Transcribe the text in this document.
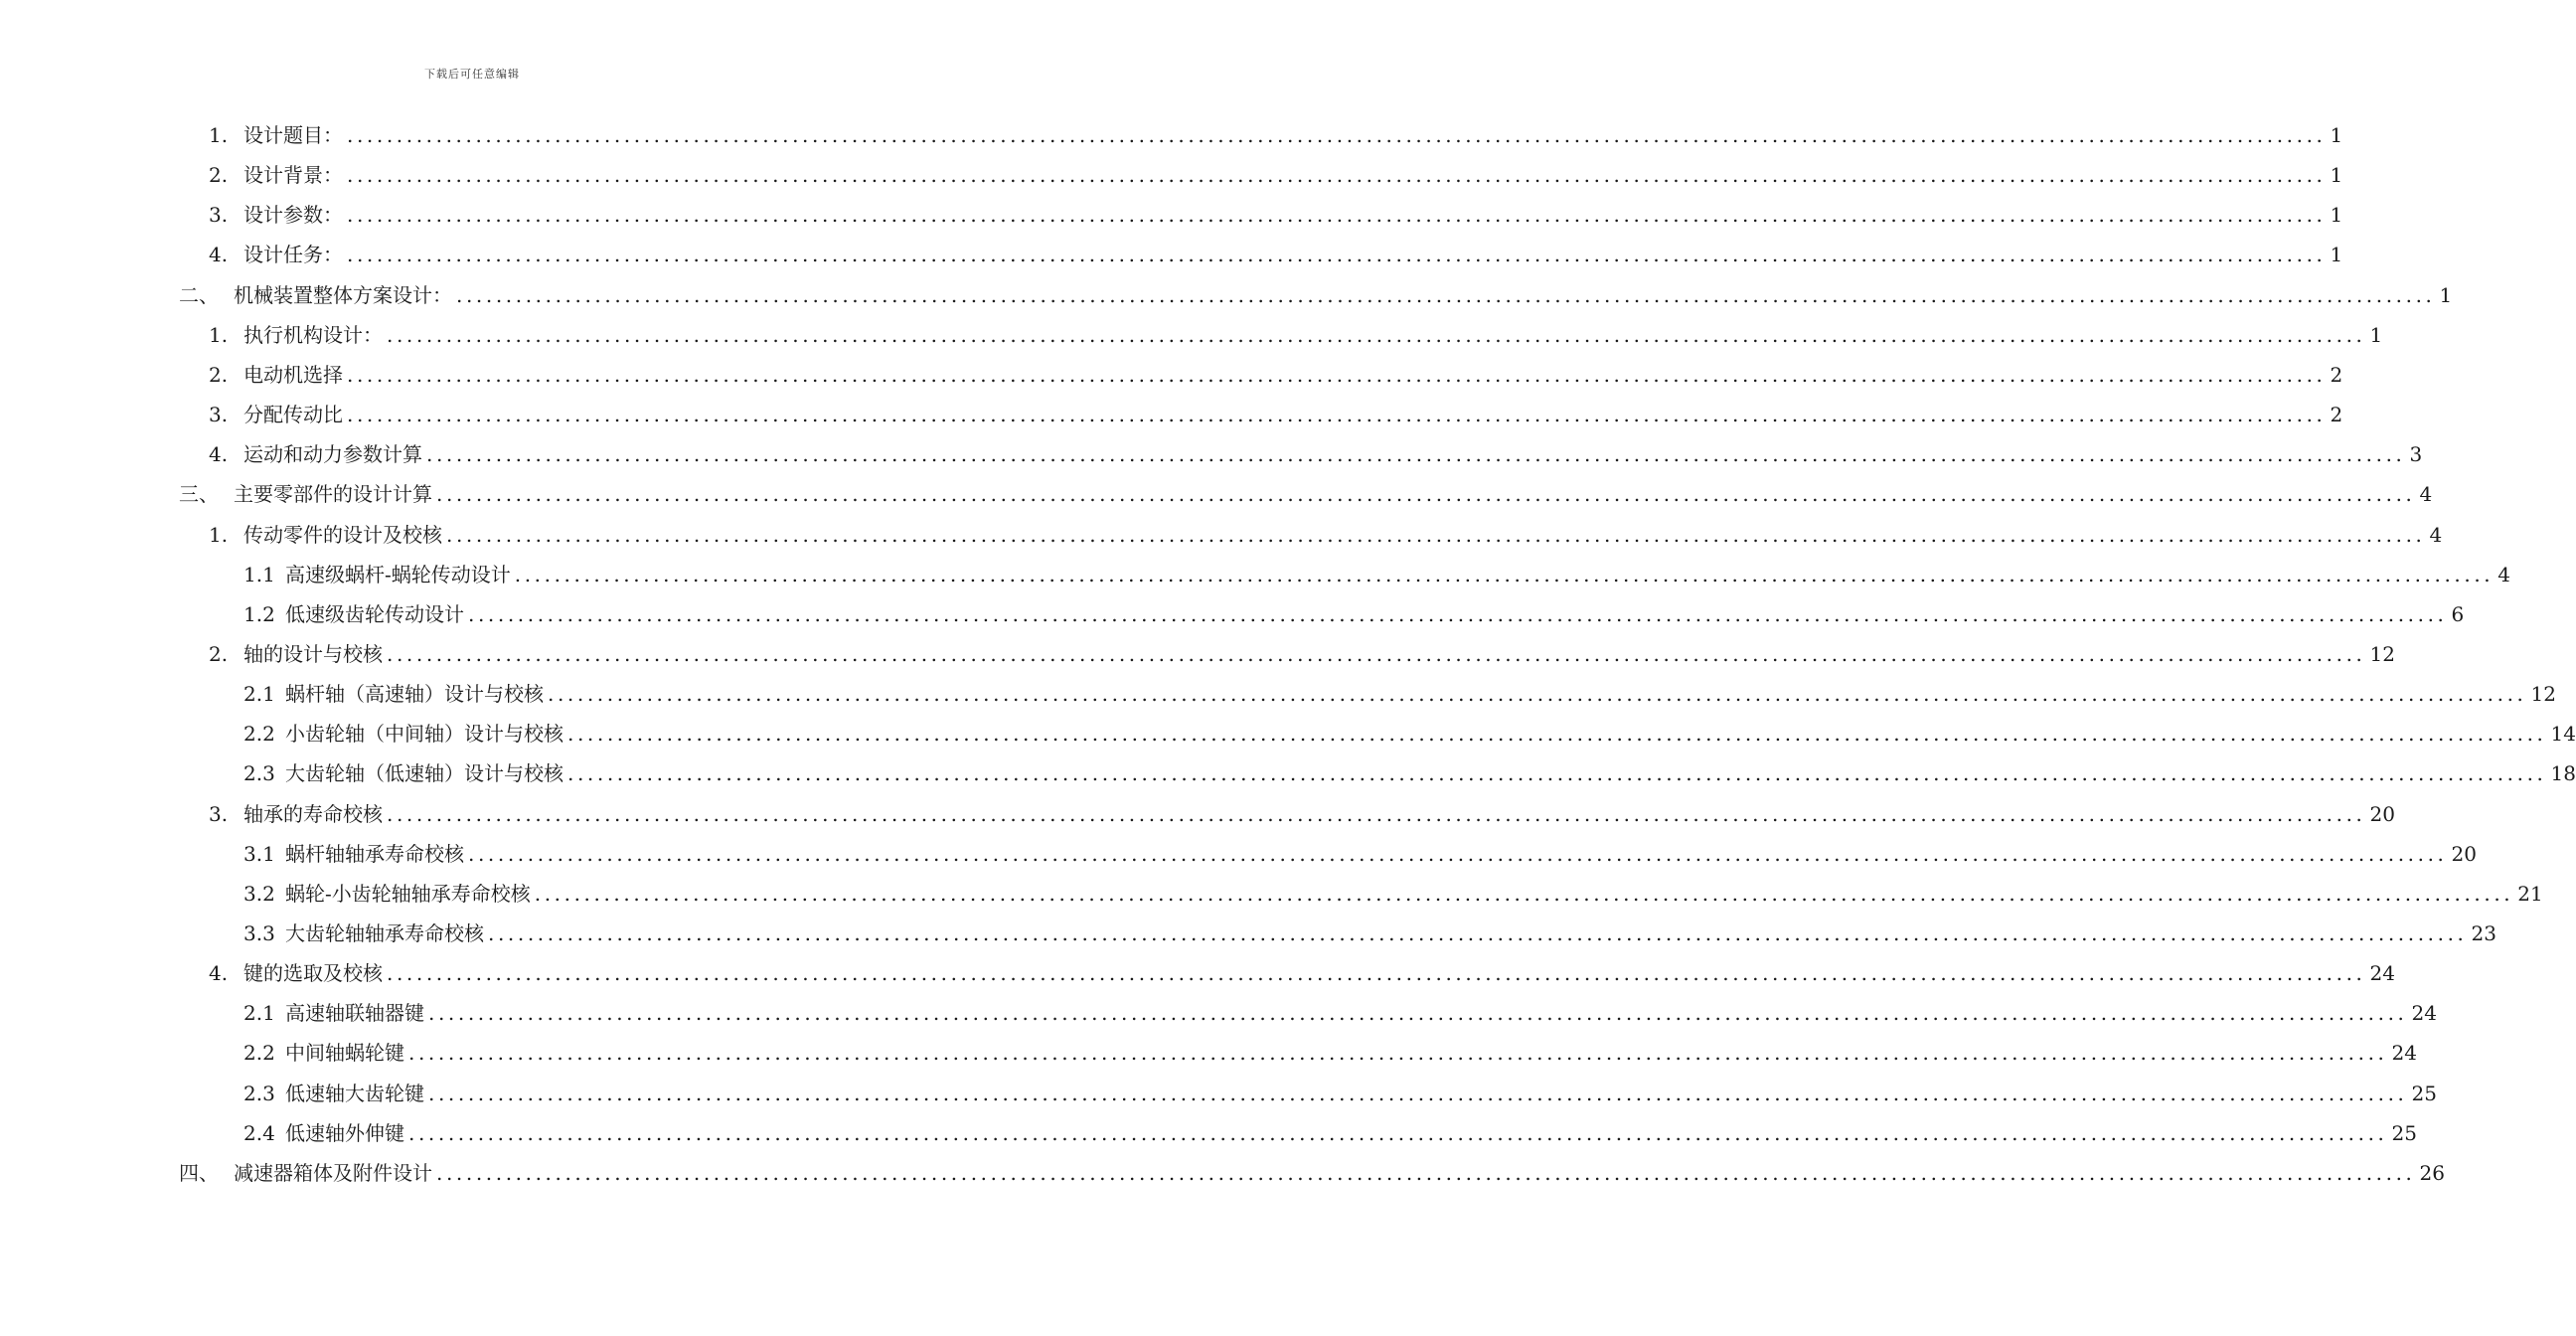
下载后可任意编辑
1. 设计题目： ........................................................................................................................................................................................................ 1
2. 设计背景： ........................................................................................................................................................................................................ 1
3. 设计参数： ........................................................................................................................................................................................................ 1
4. 设计任务： ........................................................................................................................................................................................................ 1
二、 机械装置整体方案设计： ........................................................................................................................................................................................................ 1
1. 执行机构设计： ........................................................................................................................................................................................................ 1
2. 电动机选择 ........................................................................................................................................................................................................ 2
3. 分配传动比 ........................................................................................................................................................................................................ 2
4. 运动和动力参数计算 ........................................................................................................................................................................................................ 3
三、 主要零部件的设计计算 ........................................................................................................................................................................................................ 4
1. 传动零件的设计及校核 ........................................................................................................................................................................................................ 4
1.1 高速级蜗杆-蜗轮传动设计 ........................................................................................................................................................................................................ 4
1.2 低速级齿轮传动设计 ........................................................................................................................................................................................................ 6
2. 轴的设计与校核 ........................................................................................................................................................................................................ 12
2.1 蜗杆轴（高速轴）设计与校核 ........................................................................................................................................................................................................ 12
2.2 小齿轮轴（中间轴）设计与校核 ........................................................................................................................................................................................................ 14
2.3 大齿轮轴（低速轴）设计与校核 ........................................................................................................................................................................................................ 18
3. 轴承的寿命校核 ........................................................................................................................................................................................................ 20
3.1 蜗杆轴轴承寿命校核 ........................................................................................................................................................................................................ 20
3.2 蜗轮-小齿轮轴轴承寿命校核 ........................................................................................................................................................................................................ 21
3.3 大齿轮轴轴承寿命校核 ........................................................................................................................................................................................................ 23
4. 键的选取及校核 ........................................................................................................................................................................................................ 24
2.1 高速轴联轴器键 ........................................................................................................................................................................................................ 24
2.2 中间轴蜗轮键 ........................................................................................................................................................................................................ 24
2.3 低速轴大齿轮键 ........................................................................................................................................................................................................ 25
2.4 低速轴外伸键 ........................................................................................................................................................................................................ 25
四、 减速器箱体及附件设计 ........................................................................................................................................................................................................ 26
